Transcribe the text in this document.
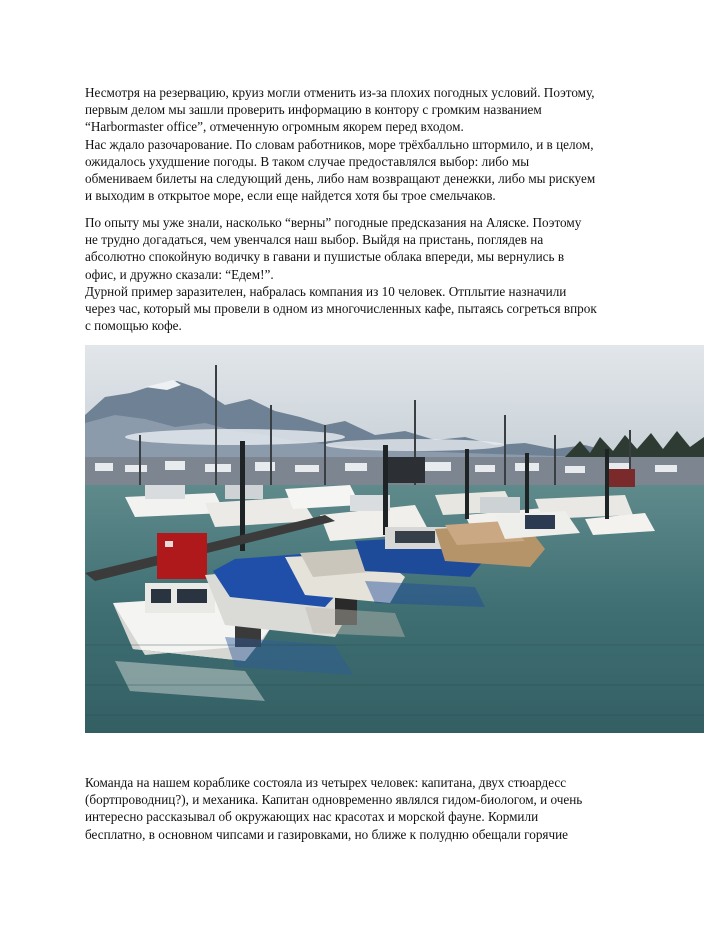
Несмотря на резервацию, круиз могли отменить из-за плохих погодных условий. Поэтому,
первым делом мы зашли проверить информацию в контору с громким названием
“Harbormaster office”, отмеченную огромным якорем перед входом.
Нас ждало разочарование. По словам работников, море трёхбалльно штормило, и в целом,
ожидалось ухудшение погоды. В таком случае предоставлялся выбор: либо мы
обмениваем билеты на следующий день, либо нам возвращают денежки, либо мы рискуем
и выходим в открытое море, если еще найдется хотя бы трое смельчаков.

По опыту мы уже знали, насколько “верны” погодные предсказания на Аляске. Поэтому
не трудно догадаться, чем увенчался наш выбор. Выйдя на пристань, поглядев на
абсолютно спокойную водичку в гавани и пушистые облака впереди, мы вернулись в
офис, и дружно сказали: “Едем!”.
Дурной пример заразителен, набралась компания из 10 человек. Отплытие назначили
через час, который мы провели в одном из многочисленных кафе, пытаясь согреться впрок
с помощью кофе.

Команда на нашем кораблике состояла из четырех человек: капитана, двух стюардесс
(бортпроводниц?), и механика. Капитан одновременно являлся гидом-биологом, и очень
интересно рассказывал об окружающих нас красотах и морской фауне. Кормили
бесплатно, в основном чипсами и газировками, но ближе к полудню обещали горячие
